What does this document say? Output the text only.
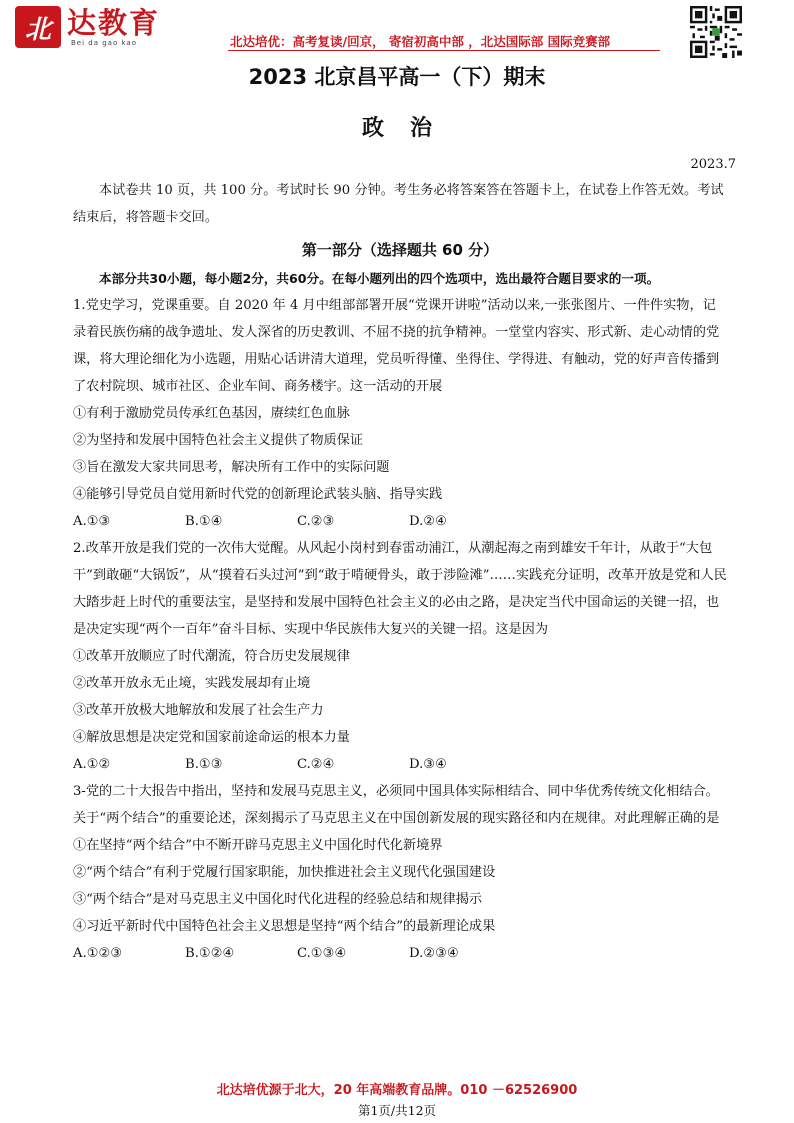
北 达教育
Bei da gao kao	北达培优：高考复读/回京， 寄宿初高中部 ，北达国际部 国际竞赛部
2023 北京昌平高一（下）期末
政治
2023.7

本试卷共 10 页，共 100 分。考试时长 90 分钟。考生务必将答案答在答题卡上，在试卷上作答无效。考试结束后，将答题卡交回。

第一部分（选择题共 60 分）

本部分共30小题，每小题2分，共60分。在每小题列出的四个选项中，选出最符合题目要求的一项。

1.党史学习，党课重要。自 2020 年 4 月中组部部署开展“党课开讲啦”活动以来,一张张图片、一件件实物，记录着民族伤痛的战争遗址、发人深省的历史教训、不屈不挠的抗争精神。一堂堂内容实、形式新、走心动情的党课，将大理论细化为小选题，用贴心话讲清大道理，党员听得懂、坐得住、学得进、有触动，党的好声音传播到了农村院坝、城市社区、企业车间、商务楼宇。这一活动的开展

①有利于激励党员传承红色基因，赓续红色血脉

②为坚持和发展中国特色社会主义提供了物质保证

③旨在激发大家共同思考，解决所有工作中的实际问题

④能够引导党员自觉用新时代党的创新理论武装头脑、指导实践

A.①③	B.①④	C.②③	D.②④

2.改革开放是我们党的一次伟大觉醒。从风起小岗村到春雷动浦江，从潮起海之南到雄安千年计，从敢于“大包干”到敢砸“大锅饭”，从“摸着石头过河”到“敢于啃硬骨头，敢于涉险滩”……实践充分证明，改革开放是党和人民大踏步赶上时代的重要法宝，是坚持和发展中国特色社会主义的必由之路，是决定当代中国命运的关键一招，也是决定实现“两个一百年”奋斗目标、实现中华民族伟大复兴的关键一招。这是因为

①改革开放顺应了时代潮流，符合历史发展规律

②改革开放永无止境，实践发展却有止境

③改革开放极大地解放和发展了社会生产力

④解放思想是决定党和国家前途命运的根本力量

A.①②	B.①③	C.②④	D.③④

3-党的二十大报告中指出，坚持和发展马克思主义，必须同中国具体实际相结合、同中华优秀传统文化相结合。关于“两个结合”的重要论述，深刻揭示了马克思主义在中国创新发展的现实路径和内在规律。对此理解正确的是

①在坚持“两个结合”中不断开辟马克思主义中国化时代化新境界

②“两个结合”有利于党履行国家职能，加快推进社会主义现代化强国建设

③“两个结合”是对马克思主义中国化时代化进程的经验总结和规律揭示

④习近平新时代中国特色社会主义思想是坚持“两个结合”的最新理论成果

A.①②③	B.①②④	C.①③④	D.②③④
北达培优源于北大，20 年高端教育品牌。010 －62526900
第1页/共12页
